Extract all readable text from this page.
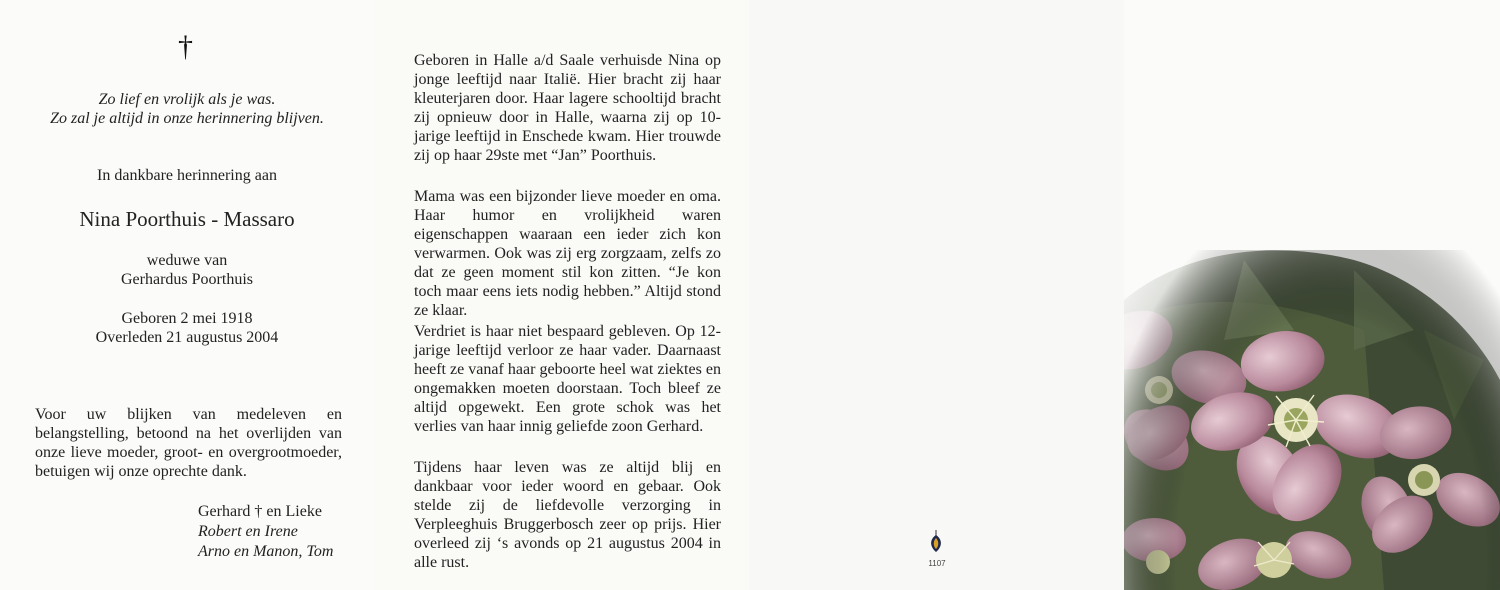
†
Zo lief en vrolijk als je was.
Zo zal je altijd in onze herinnering blijven.
In dankbare herinnering aan
Nina Poorthuis - Massaro
weduwe van
Gerhardus Poorthuis
Geboren 2 mei 1918
Overleden 21 augustus 2004
Voor uw blijken van medeleven en belangstelling, betoond na het overlijden van onze lieve moeder, groot- en overgrootmoeder, betuigen wij onze oprechte dank.
Gerhard † en Lieke
Robert en Irene
Arno en Manon, Tom

Geboren in Halle a/d Saale verhuisde Nina op jonge leeftijd naar Italië. Hier bracht zij haar kleuterjaren door. Haar lagere schooltijd bracht zij opnieuw door in Halle, waarna zij op 10-jarige leeftijd in Enschede kwam. Hier trouwde zij op haar 29ste met “Jan” Poorthuis.

Mama was een bijzonder lieve moeder en oma. Haar humor en vrolijkheid waren eigenschappen waaraan een ieder zich kon verwarmen. Ook was zij erg zorgzaam, zelfs zo dat ze geen moment stil kon zitten. “Je kon toch maar eens iets nodig hebben.” Altijd stond ze klaar.

Verdriet is haar niet bespaard gebleven. Op 12-jarige leeftijd verloor ze haar vader. Daarnaast heeft ze vanaf haar geboorte heel wat ziektes en ongemakken moeten doorstaan. Toch bleef ze altijd opgewekt. Een grote schok was het verlies van haar innig geliefde zoon Gerhard.

Tijdens haar leven was ze altijd blij en dankbaar voor ieder woord en gebaar. Ook stelde zij de liefdevolle verzorging in Verpleeghuis Bruggerbosch zeer op prijs. Hier overleed zij ‘s avonds op 21 augustus 2004 in alle rust.	1107
